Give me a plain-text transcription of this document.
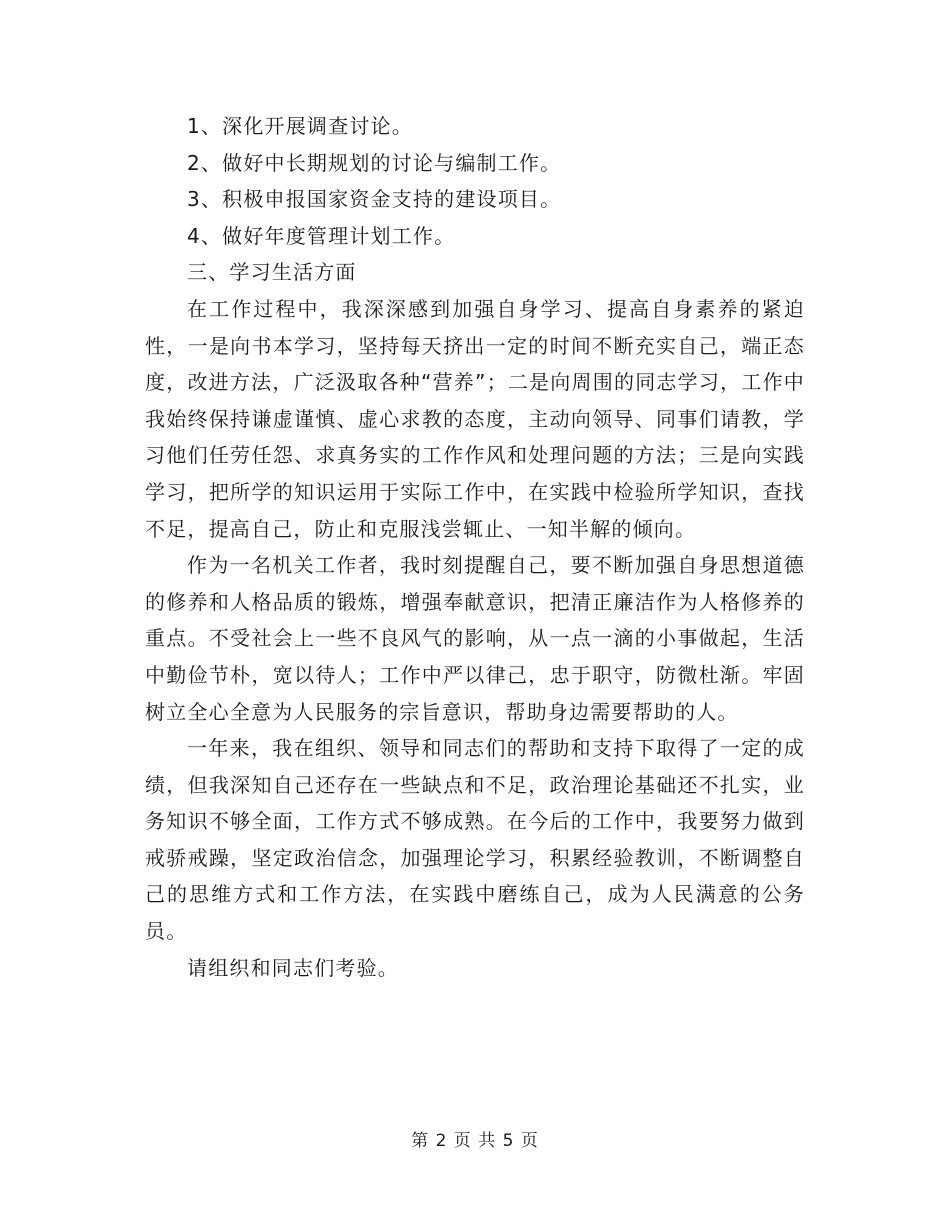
1、深化开展调查讨论。

2、做好中长期规划的讨论与编制工作。

3、积极申报国家资金支持的建设项目。

4、做好年度管理计划工作。

三、学习生活方面

在工作过程中，我深深感到加强自身学习、提高自身素养的紧迫性，一是向书本学习，坚持每天挤出一定的时间不断充实自己，端正态度，改进方法，广泛汲取各种“营养”；二是向周围的同志学习，工作中我始终保持谦虚谨慎、虚心求教的态度，主动向领导、同事们请教，学习他们任劳任怨、求真务实的工作作风和处理问题的方法；三是向实践学习，把所学的知识运用于实际工作中，在实践中检验所学知识，查找不足，提高自己，防止和克服浅尝辄止、一知半解的倾向。

作为一名机关工作者，我时刻提醒自己，要不断加强自身思想道德的修养和人格品质的锻炼，增强奉献意识，把清正廉洁作为人格修养的重点。不受社会上一些不良风气的影响，从一点一滴的小事做起，生活中勤俭节朴，宽以待人；工作中严以律己，忠于职守，防微杜渐。牢固树立全心全意为人民服务的宗旨意识，帮助身边需要帮助的人。

一年来，我在组织、领导和同志们的帮助和支持下取得了一定的成绩，但我深知自己还存在一些缺点和不足，政治理论基础还不扎实，业务知识不够全面，工作方式不够成熟。在今后的工作中，我要努力做到戒骄戒躁，坚定政治信念，加强理论学习，积累经验教训，不断调整自己的思维方式和工作方法，在实践中磨练自己，成为人民满意的公务员。

请组织和同志们考验。

第 2 页 共 5 页
